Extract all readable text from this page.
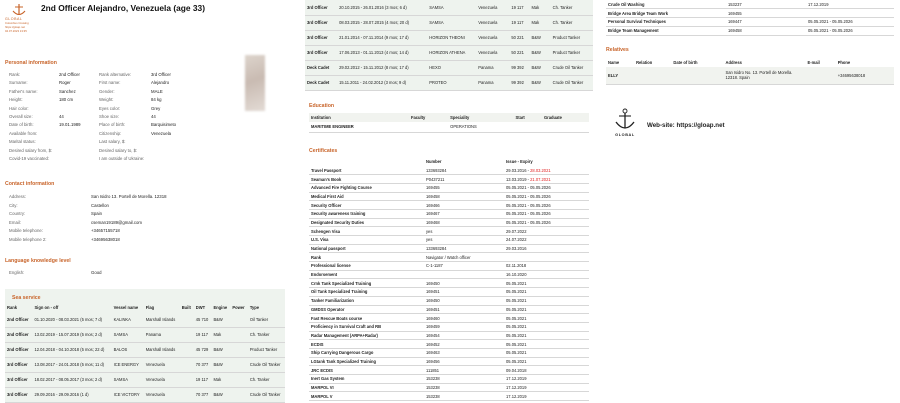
GLOBAL
Columbus Crewing
https://gloap.net
04.07.2023 13:35
2nd Officer Alejandro, Venezuela (age 33)
Personal information
Rank:	2nd Officer
Surname:	Roger
Father's name:	Sanchez
Height:	180 cm
Hair color:
Overall size:	44
Date of birth:	19.01.1989
Available from:
Marital status:
Desired salary from, $:
Covid-19 vaccinated:
Rank alternative:	3rd Officer
First name:	Alejandro
Gender:	MALE
Weight:	84 kg
Eyes color:	Grey
Shoe size:	44
Place of birth:	Barquisimeto
Citizenship:	Venezuela
Last salary, $:
Desired salary to, $:
I am outside of Ukraine:
Contact information
Address:	San Isidro 13. Portell de Morella. 12318
City:	Castellon
Country:	Spain
Email:	cseman19189@gmail.com
Mobile telephone:	+34657155718
Mobile telephone 2:	+34695638018
Language knowledge level
English:	Good
Sea service
Rank	Sign on - off	Vessel name	Flag	Built	DWT	Engine	Power	Type
2nd Officer	01.10.2020 - 08.03.2021 (5 mos; 7 d)	KALINKA	Marshall Islands		45 710	B&W		Oil Tanker
2nd Officer	13.02.2019 - 15.07.2019 (5 mos; 2 d)	SAMSA	Panama		19 117	Mak		Ch. Tanker
2nd Officer	12.04.2018 - 04.10.2018 (5 mos; 22 d)	BALOS	Marshall Islands		45 729	B&W		Product Tanker
3rd Officer	13.08.2017 - 24.01.2018 (5 mos; 11 d)	ICE ENERGY	Venezuela		70 377	B&W		Crude Oil Tanker
3rd Officer	18.02.2017 - 08.05.2017 (3 mos; 2 d)	SAMSA	Venezuela		19 117	Mak		Ch. Tanker
3rd Officer	29.09.2016 - 29.09.2016 (1 d)	ICE VICTORY	Venezuela		70 377	B&W		Crude Oil Tanker
3rd Officer	20.10.2015 - 26.01.2016 (3 mos; 6 d)	SAMSA	Venezuela		19 117	Mak		Ch. Tanker
3rd Officer	08.03.2015 - 28.07.2015 (4 mos; 20 d)	SAMSA	Venezuela		19 117	Mak		Ch. Tanker
3rd Officer	21.01.2014 - 07.11.2014 (9 mos; 17 d)	HORIZON THEONI	Venezuela		50 221	B&W		Product Tanker
3rd Officer	17.06.2013 - 01.11.2013 (4 mos; 14 d)	HORIZON ATHENA	Venezuela		50 221	B&W		Product Tanker
Deck Cadet	29.02.2012 - 15.11.2012 (8 mos; 17 d)	HEXO	Panama		99 392	B&W		Crude Oil Tanker
Deck Cadet	15.11.2011 - 24.02.2012 (3 mos; 9 d)	PROTEO	Panama		99 392	B&W		Crude Oil Tanker
Education
Institution	Faculty	Speciality	Start	Graduate
MARITIME ENGINEER		OPERATIONS		
Certificates
	Number	Issue - Expiry
Travel Passport	133693284	29.03.2016 - 28.03.2021
Seaman's Book	P0437211	13.03.2019 - 21.07.2021
Advanced Fire Fighting Course	169455	05.05.2021 - 05.05.2026
Medical First Aid	169458	05.05.2021 - 05.05.2026
Security Officer	169466	05.05.2021 - 05.05.2026
Security awareness training	169467	05.05.2021 - 05.05.2026
Designated Security Duties	169468	05.05.2021 - 05.05.2026
Schengen Visa	yes	29.07.2022
U.S. Visa	yes	24.07.2022
National passport	133693284	29.03.2016
Rank	Navigator / Watch officer	
Professional license	C-1-1187	02.11.2018
Endorsement		16.10.2020
Crnk Tank Specialized Training	169450	05.05.2021
Oil Tank Specialized Training	169451	05.05.2021
Tanker Familiarization	169450	05.05.2021
GMDSS Operator	169451	05.05.2021
Fast Rescue Boats course	169460	05.05.2021
Proficiency in Survival Craft and RB	169459	05.05.2021
Radar Management (ARPA+Radar)	169454	05.05.2021
ECDIS	169452	05.05.2021
Ship Carrying Dangerous Cargo	169463	05.05.2021
LGtank Tank Specialized Training	169456	05.05.2021
JRC ECDIS	111851	09.04.2018
Inert Gas System	153238	17.12.2019
MARPOL VI	153238	17.12.2019
MARPOL V	153238	17.12.2019
Crude Oil Washing	153237	17.12.2019
Bridge Area Bridge Team Work	169455	
Personal Survival Techniques	169447	05.05.2021 - 05.05.2026
Bridge Team Management	169458	05.05.2021 - 05.05.2026
Relatives
Name	Relation	Date of birth	Address	E-mail	Phone
ELLY			San Isidro No. 13. Portell de Morella. 12318. Spain		+34695638018
GLOBAL
Web-site: https://gloap.net
